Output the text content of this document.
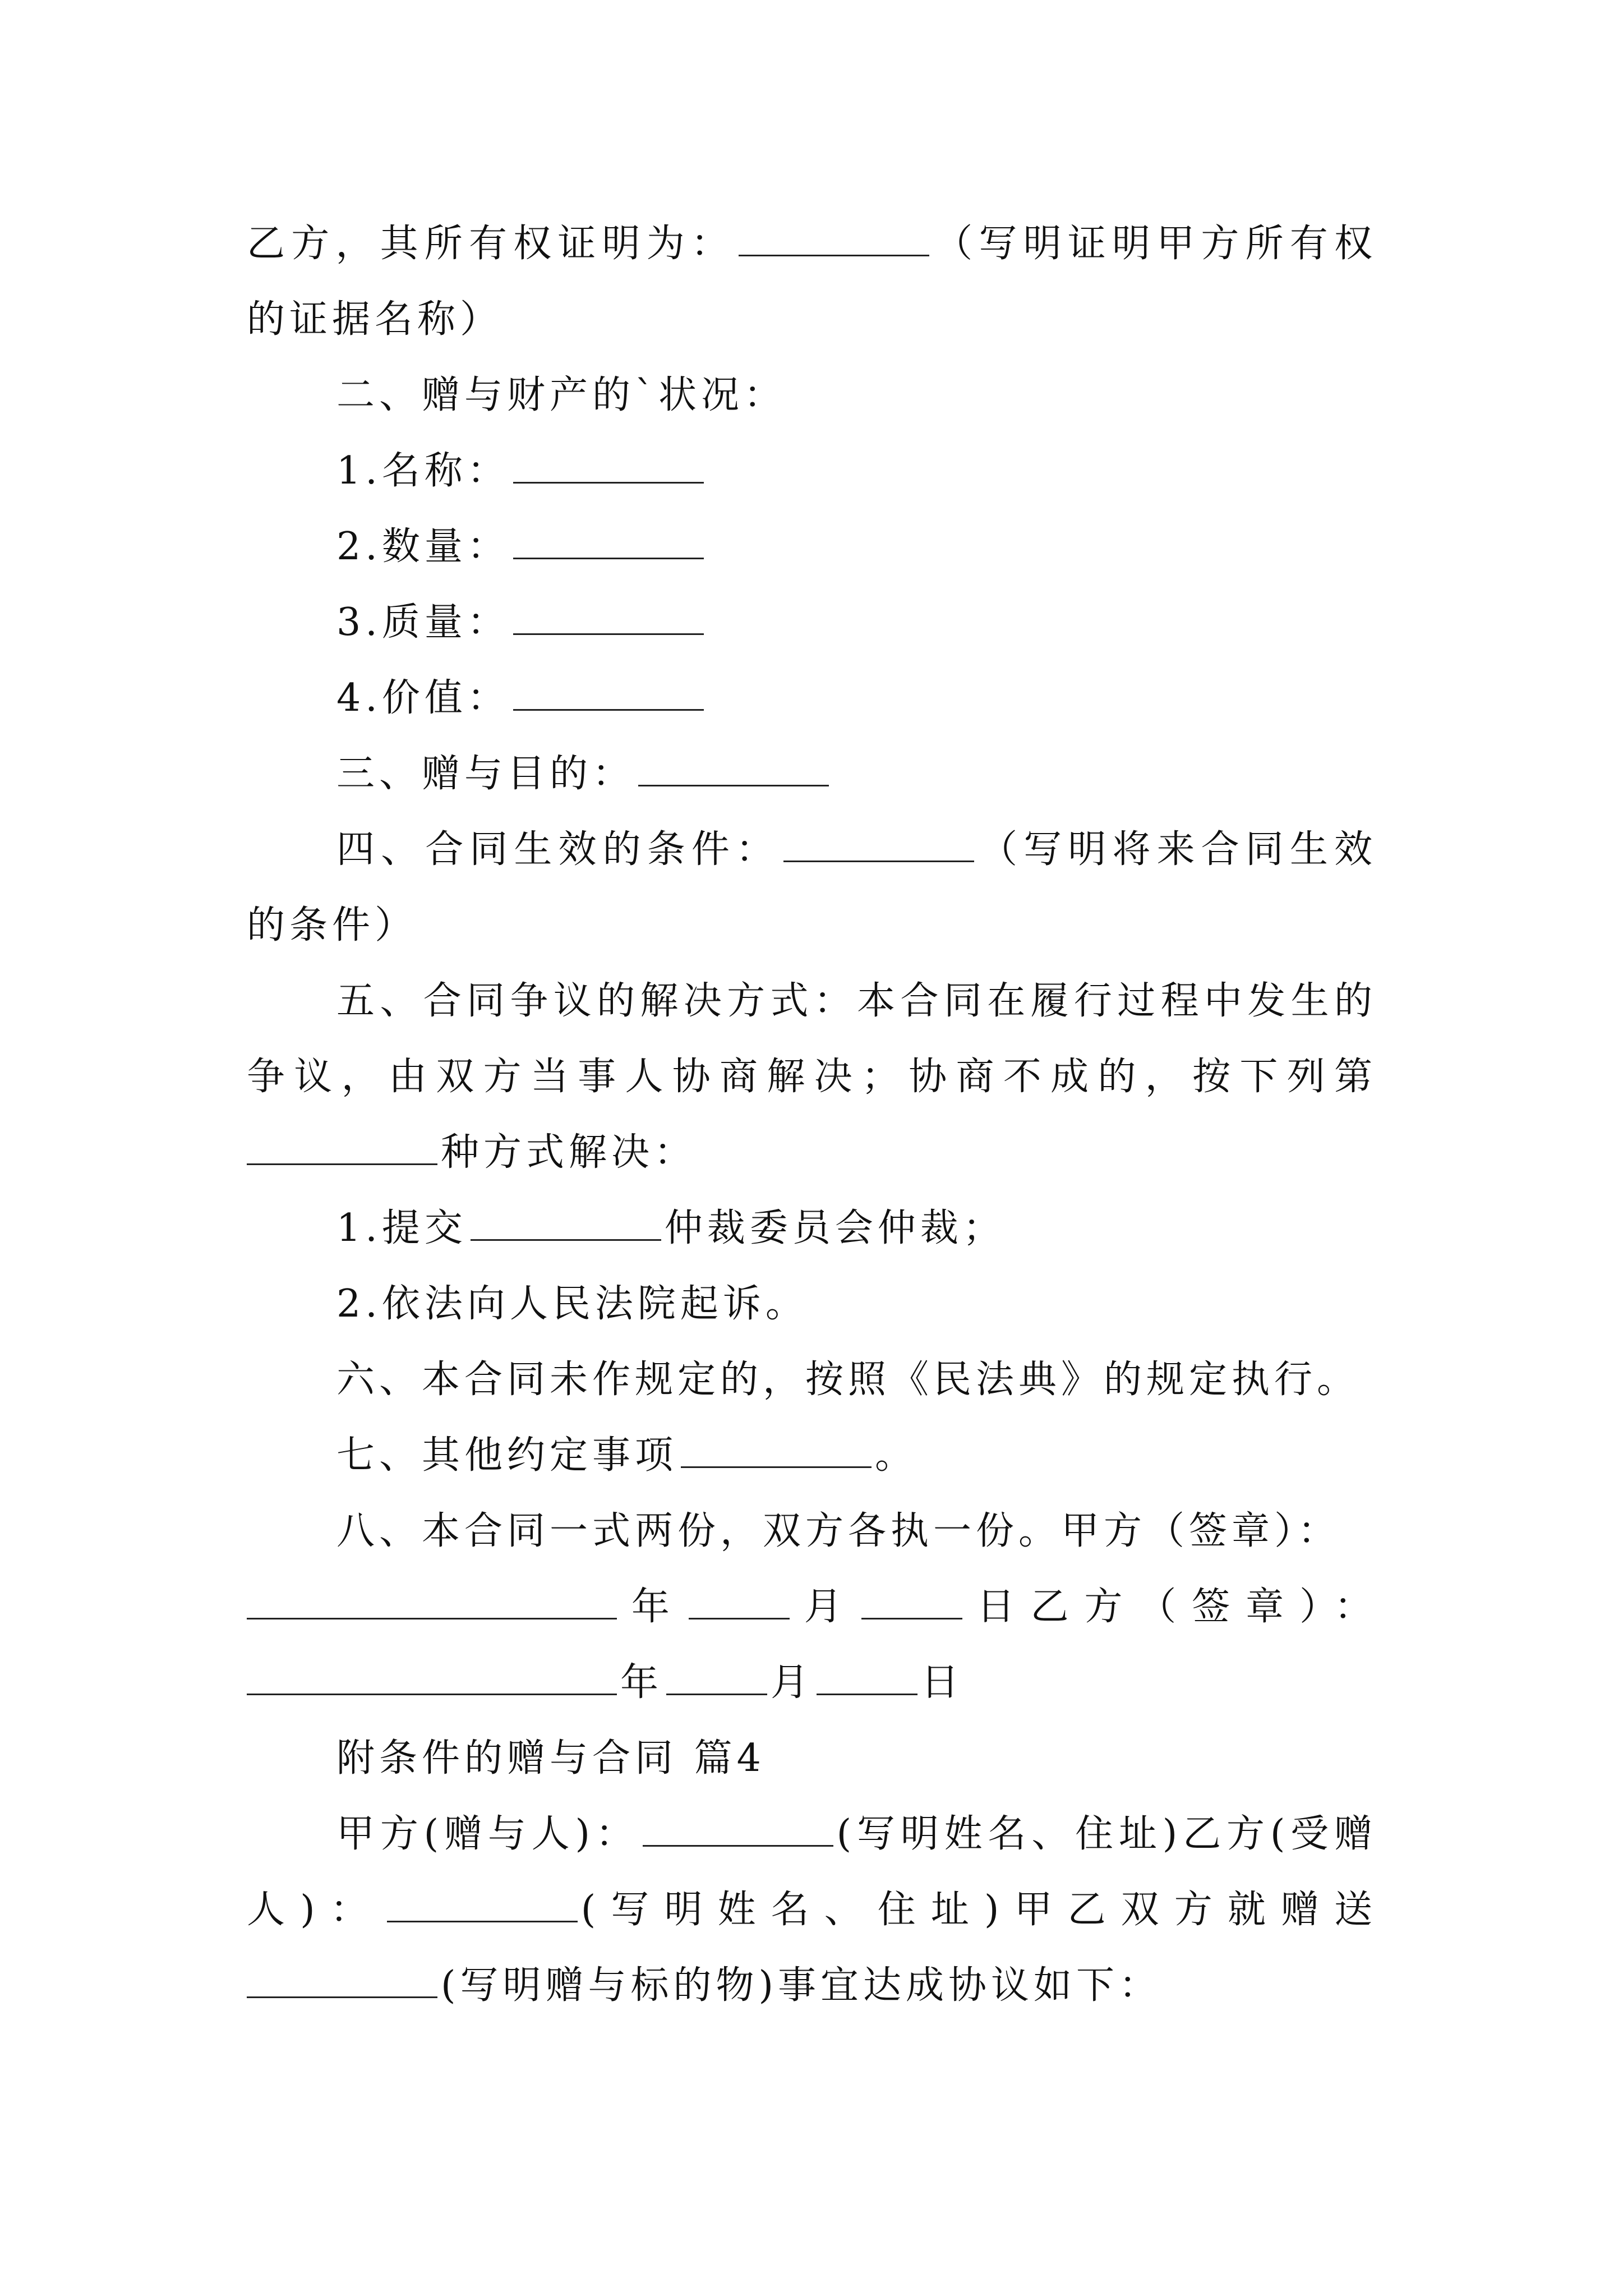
乙方，其所有权证明为：	（写明证明甲方所有权
的证据名称）
二、赠与财产的`状况：
1.名称：
2.数量：
3.质量：
4.价值：
三、赠与目的：
四、合同生效的条件：	（写明将来合同生效
的条件）
五、合同争议的解决方式：本合同在履行过程中发生的
争议，由双方当事人协商解决；协商不成的，按下列第
种方式解决：
1.提交	仲裁委员会仲裁；
2.依法向人民法院起诉。
六、本合同未作规定的，按照《民法典》的规定执行。
七、其他约定事项	。
八、本合同一式两份，双方各执一份。甲方（签章）：
年	月	日乙方（签章）：
年	月	日
附条件的赠与合同 篇4
甲方(赠与人)：	(写明姓名、住址)乙方(受赠
人)：	(写明姓名、住址)甲乙双方就赠送
(写明赠与标的物)事宜达成协议如下：
